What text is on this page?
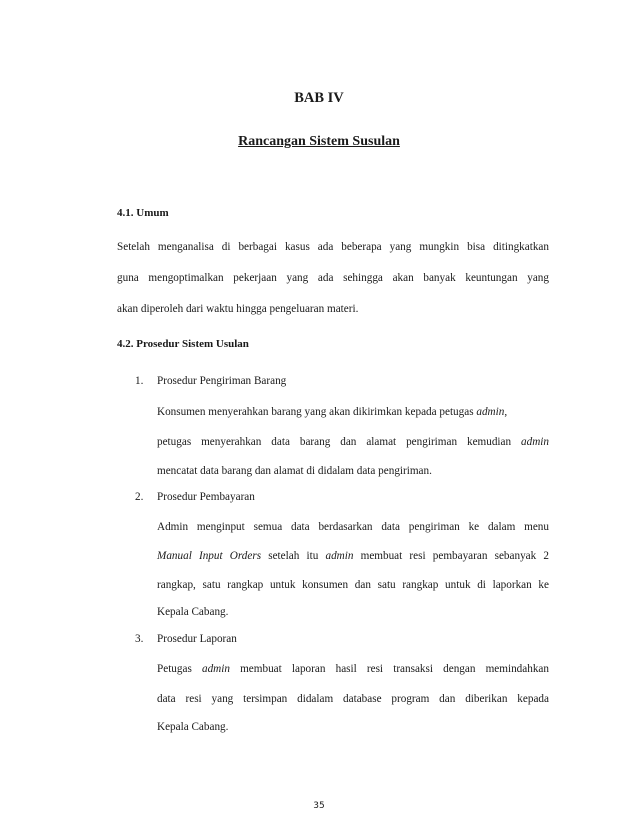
BAB IV
Rancangan Sistem Susulan
4.1. Umum
Setelah menganalisa di berbagai kasus ada beberapa yang mungkin bisa ditingkatkan
guna mengoptimalkan pekerjaan yang ada sehingga akan banyak keuntungan yang
akan diperoleh dari waktu hingga pengeluaran materi.
4.2. Prosedur Sistem Usulan
1. Prosedur Pengiriman Barang
Konsumen menyerahkan barang yang akan dikirimkan kepada petugas admin,
petugas menyerahkan data barang dan alamat pengiriman kemudian admin
mencatat data barang dan alamat di didalam data pengiriman.
2. Prosedur Pembayaran
Admin menginput semua data berdasarkan data pengiriman ke dalam menu
Manual Input Orders setelah itu admin membuat resi pembayaran sebanyak 2
rangkap, satu rangkap untuk konsumen dan satu rangkap untuk di laporkan ke
Kepala Cabang.
3. Prosedur Laporan
Petugas admin membuat laporan hasil resi transaksi dengan memindahkan
data resi yang tersimpan didalam database program dan diberikan kepada
Kepala Cabang.
35
